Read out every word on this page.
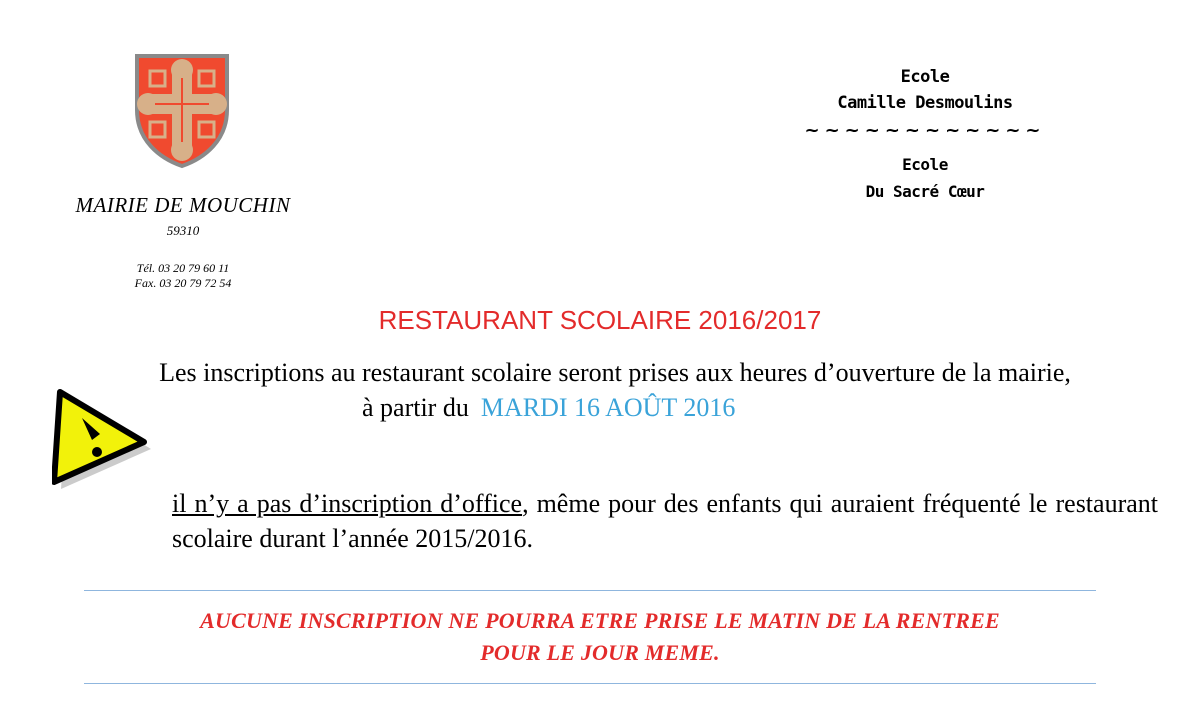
MAIRIE DE MOUCHIN
59310
Tél. 03 20 79 60 11
Fax. 03 20 79 72 54
Ecole
Camille Desmoulins
~~~~~~~~~~~~
Ecole
Du Sacré Cœur
RESTAURANT SCOLAIRE 2016/2017
Les inscriptions au restaurant scolaire seront prises aux heures d’ouverture de la mairie,
à partir du MARDI 16 AOÛT 2016
il n’y a pas d’inscription d’office, même pour des enfants qui auraient fréquenté le restaurant scolaire durant l’année 2015/2016.
AUCUNE INSCRIPTION NE POURRA ETRE PRISE LE MATIN DE LA RENTREE
POUR LE JOUR MEME.
